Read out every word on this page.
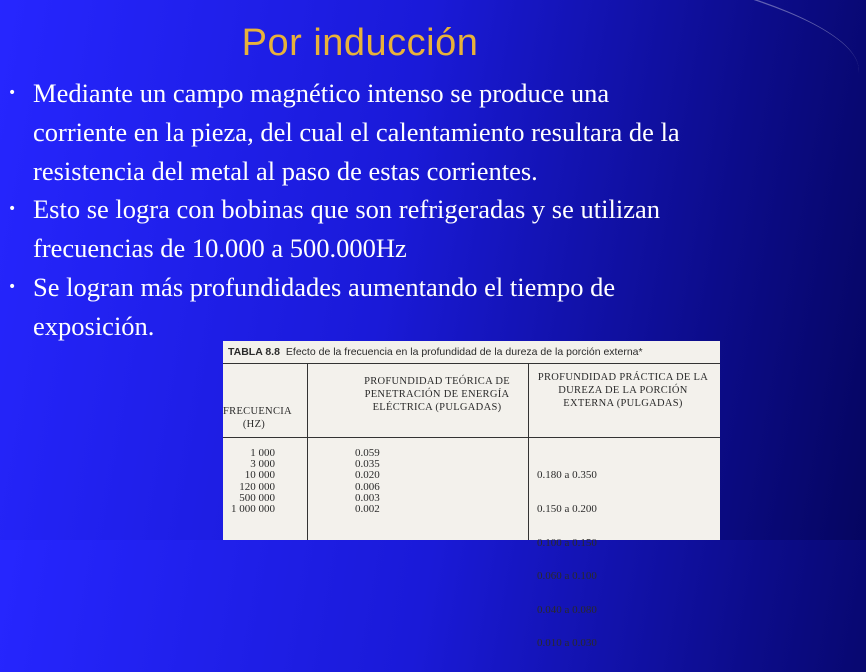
Por inducción
• Mediante un campo magnético intenso se produce una corriente en la pieza, del cual el calentamiento resultara de la resistencia del metal al paso de estas corrientes.
• Esto se logra con bobinas que son refrigeradas y se utilizan frecuencias de 10.000 a 500.000Hz
• Se logran más profundidades aumentando el tiempo de exposición.
TABLA 8.8 Efecto de la frecuencia en la profundidad de la dureza de la porción externa*
FRECUENCIA (HZ)
PROFUNDIDAD TEÓRICA DE PENETRACIÓN DE ENERGÍA ELÉCTRICA (PULGADAS)
PROFUNDIDAD PRÁCTICA DE LA DUREZA DE LA PORCIÓN EXTERNA (PULGADAS)
1 000
3 000
10 000
120 000
500 000
1 000 000
0.059
0.035
0.020
0.006
0.003
0.002

0.180 a 0.350

0.150 a 0.200

0.100 a 0.150

0.060 a 0.100

0.040 a 0.080

0.010 a 0.030
